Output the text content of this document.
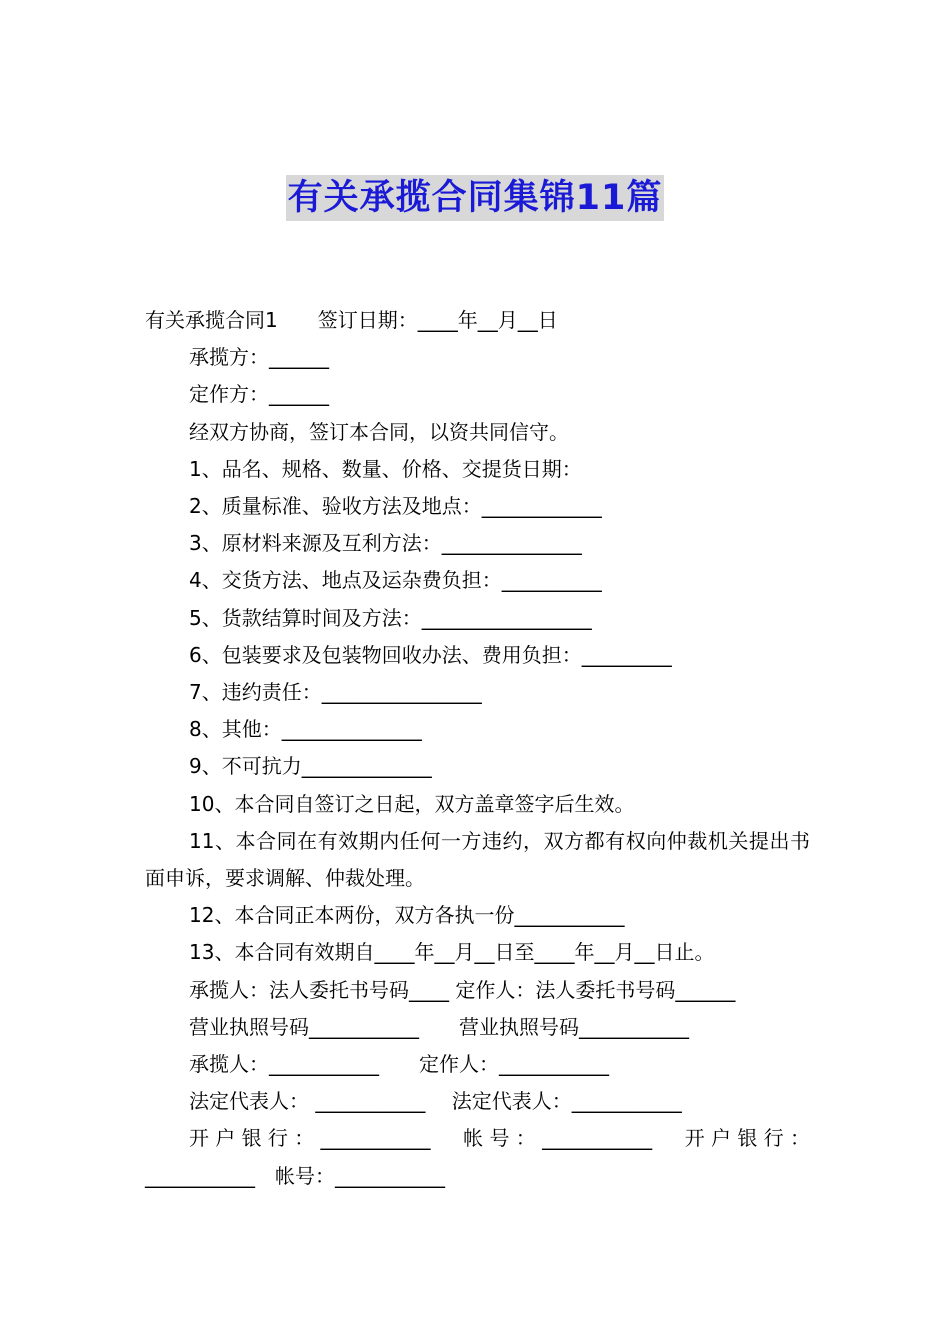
有关承揽合同集锦11篇
有关承揽合同1　　签订日期：____年__月__日
承揽方：______
定作方：______
经双方协商，签订本合同，以资共同信守。
1、品名、规格、数量、价格、交提货日期：
2、质量标准、验收方法及地点：____________
3、原材料来源及互利方法：______________
4、交货方法、地点及运杂费负担：__________
5、货款结算时间及方法：_________________
6、包装要求及包装物回收办法、费用负担：_________
7、违约责任：________________
8、其他：______________
9、不可抗力_____________
10、本合同自签订之日起，双方盖章签字后生效。
11、本合同在有效期内任何一方违约，双方都有权向仲裁机关提出书面申诉，要求调解、仲裁处理。
12、本合同正本两份，双方各执一份___________
13、本合同有效期自____年__月__日至____年__月__日止。
承揽人：法人委托书号码____ 定作人：法人委托书号码______
营业执照号码___________　　营业执照号码___________
承揽人：___________　　定作人：___________
法定代表人： ___________　 法定代表人：___________
开户银行：___________　帐号：___________　开户银行：___________　帐号：___________
